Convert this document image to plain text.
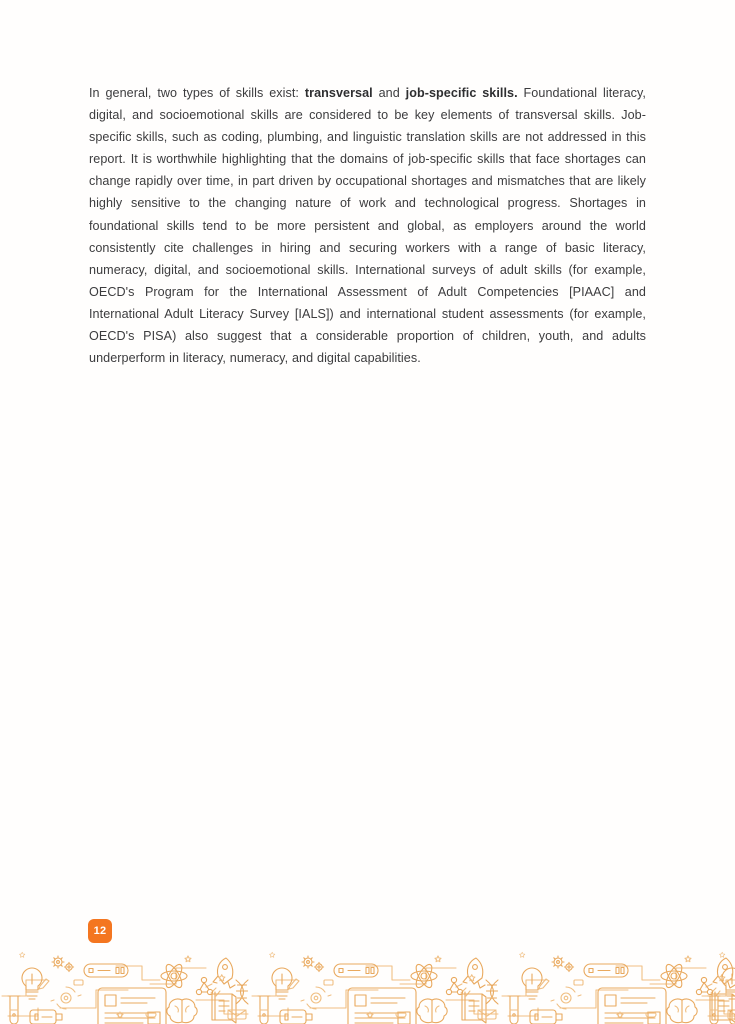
In general, two types of skills exist: transversal and job-specific skills. Foundational literacy, digital, and socioemotional skills are considered to be key elements of transversal skills. Job-specific skills, such as coding, plumbing, and linguistic translation skills are not addressed in this report. It is worthwhile highlighting that the domains of job-specific skills that face shortages can change rapidly over time, in part driven by occupational shortages and mismatches that are likely highly sensitive to the changing nature of work and technological progress. Shortages in foundational skills tend to be more persistent and global, as employers around the world consistently cite challenges in hiring and securing workers with a range of basic literacy, numeracy, digital, and socioemotional skills. International surveys of adult skills (for example, OECD's Program for the International Assessment of Adult Competencies [PIAAC] and International Adult Literacy Survey [IALS]) and international student assessments (for example, OECD's PISA) also suggest that a considerable proportion of children, youth, and adults underperform in literacy, numeracy, and digital capabilities.

12
